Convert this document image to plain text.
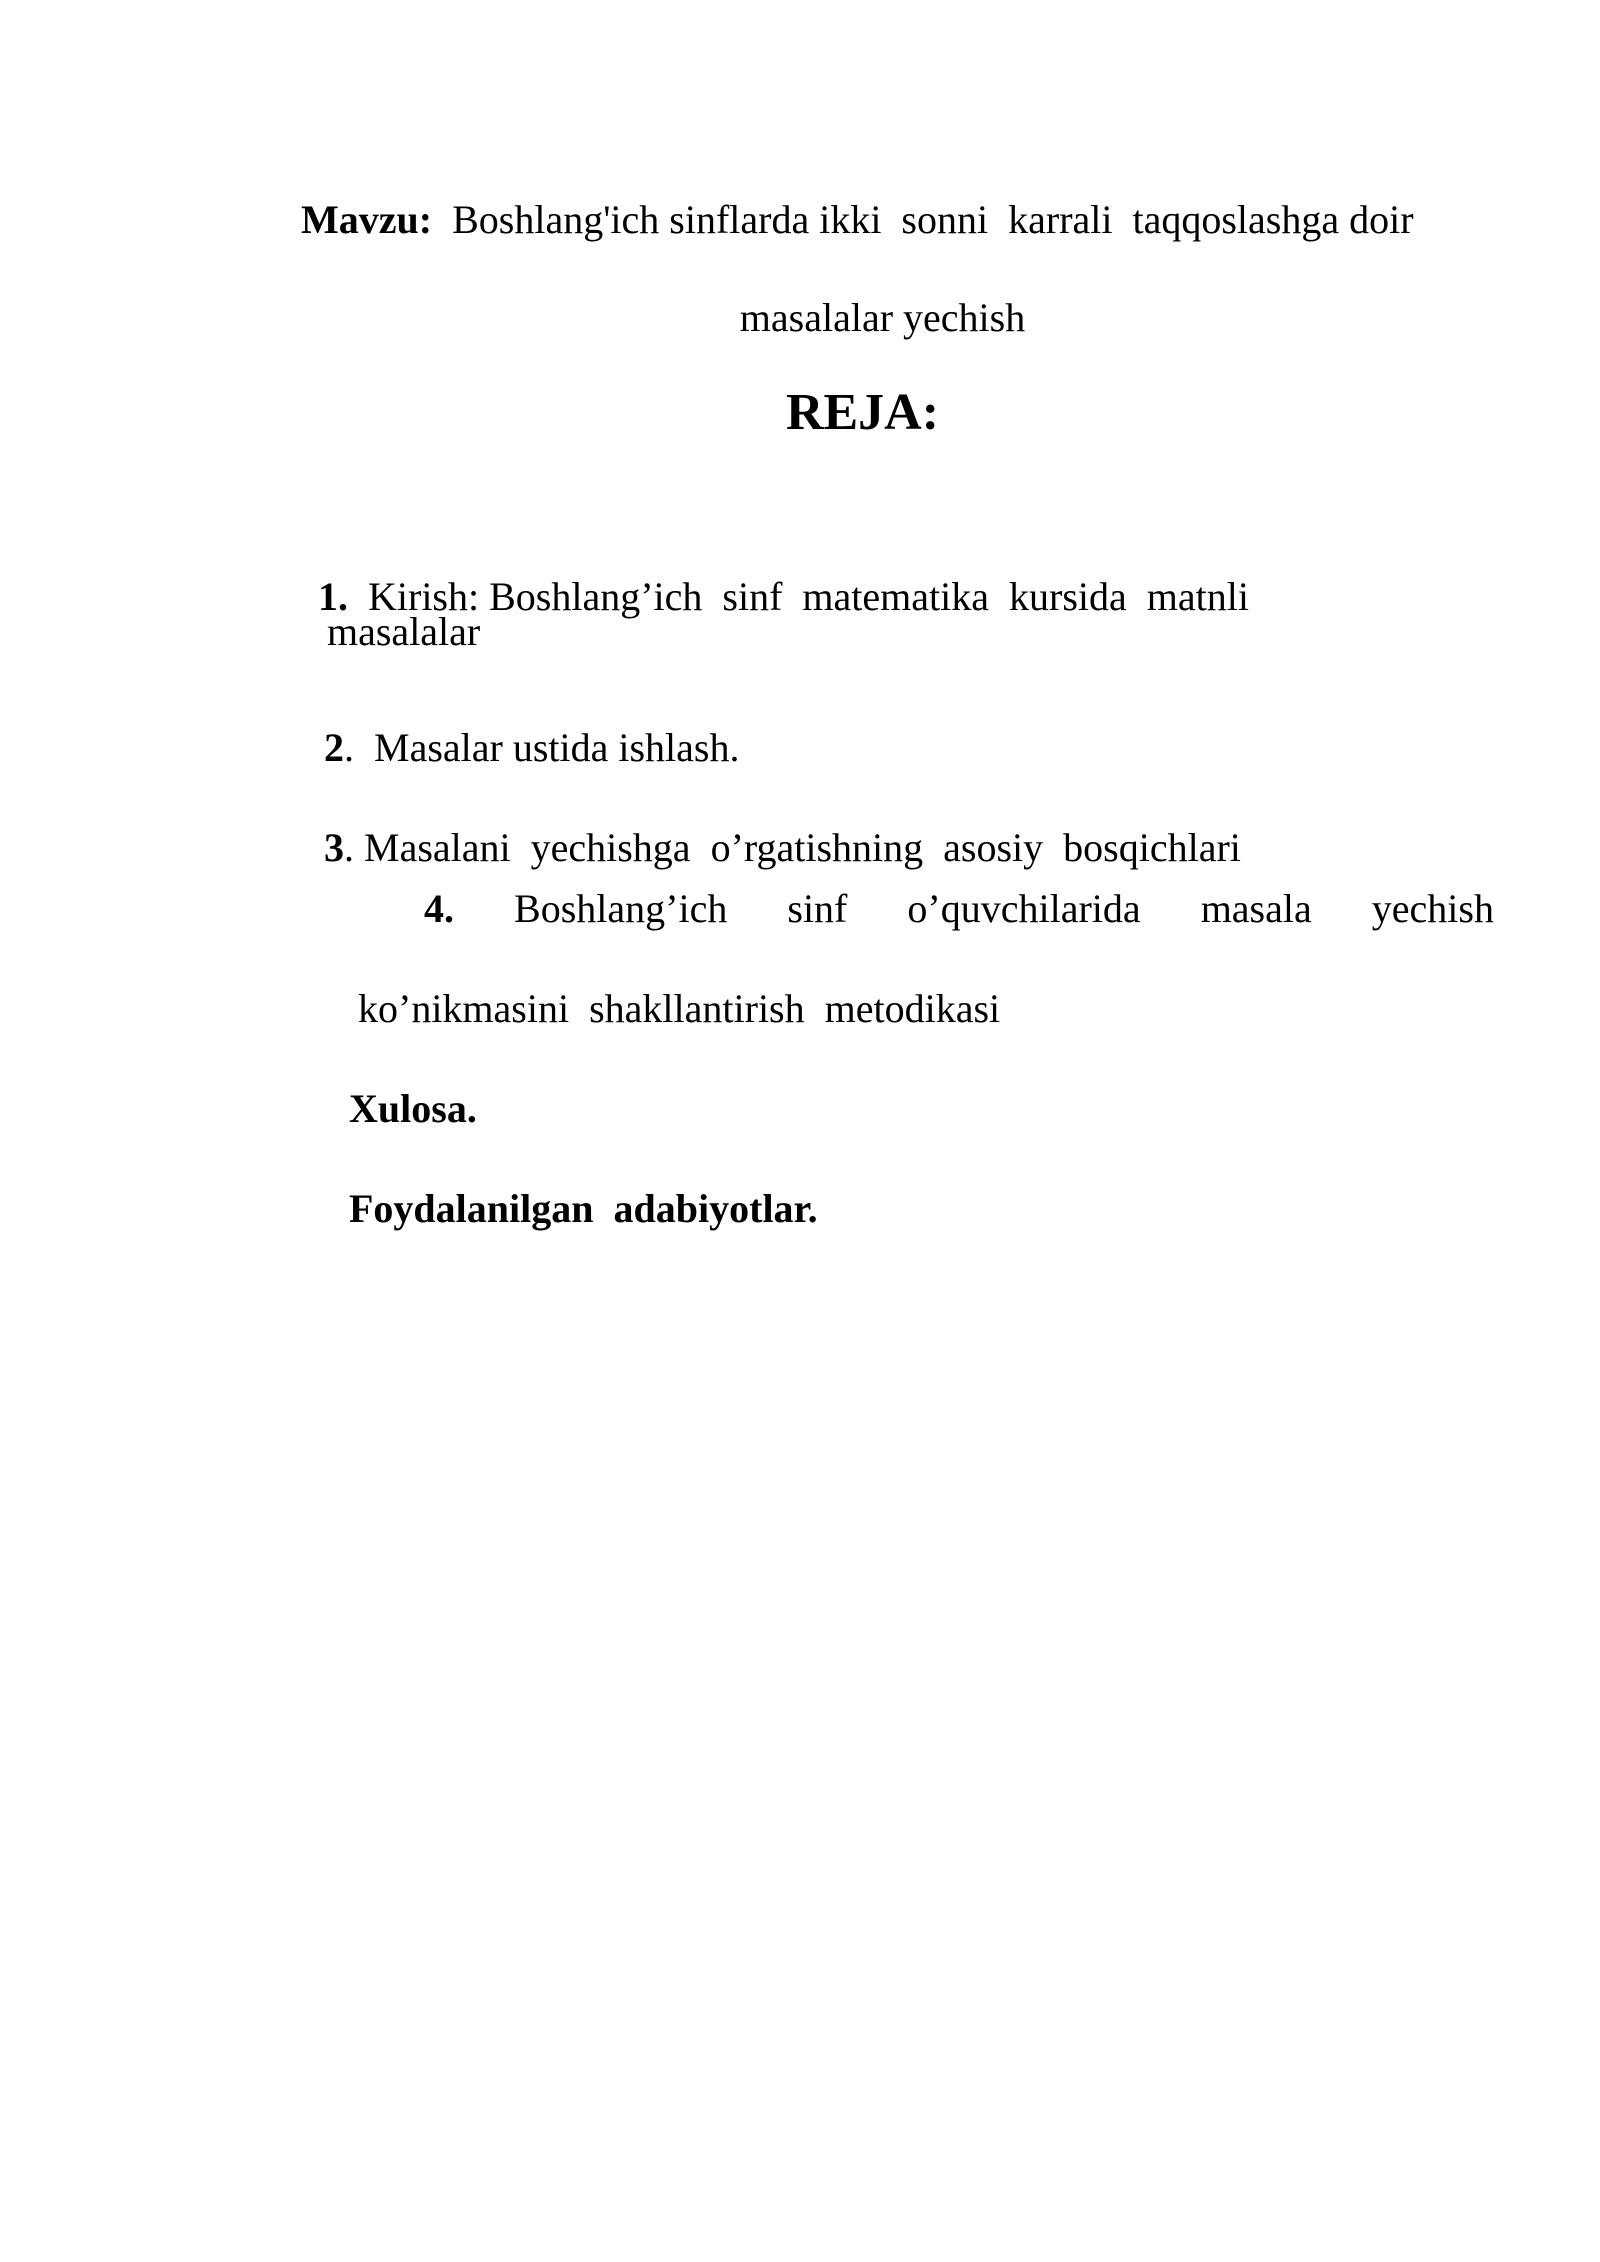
Mavzu: Boshlang'ich sinflarda ikki  sonni  karrali  taqqoslashga doir

masalalar yechish

REJA:

1. Kirish: Boshlang’ich  sinf  matematika  kursida  matnli

masalalar

2. Masalar ustida ishlash.

3. Masalani  yechishga  o’rgatishning  asosiy  bosqichlari

4. Boshlang’ich sinf o’quvchilarida masala yechish
ko’nikmasini  shakllantirish  metodikasi
Xulosa.
Foydalanilgan  adabiyotlar.
